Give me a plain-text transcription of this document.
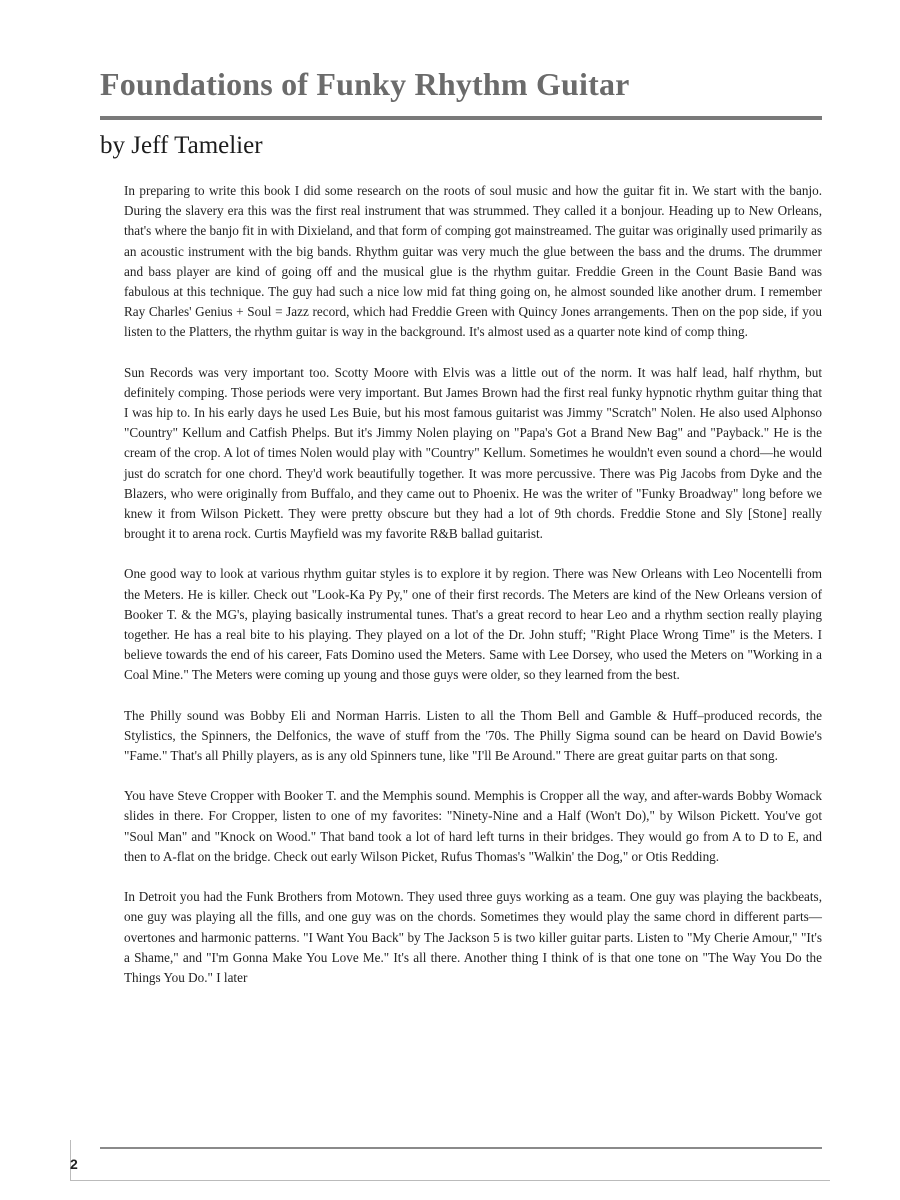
Foundations of Funky Rhythm Guitar
by Jeff Tamelier

In preparing to write this book I did some research on the roots of soul music and how the guitar fit in. We start with the banjo. During the slavery era this was the first real instrument that was strummed. They called it a bonjour. Heading up to New Orleans, that's where the banjo fit in with Dixieland, and that form of comping got mainstreamed. The guitar was originally used primarily as an acoustic instrument with the big bands. Rhythm guitar was very much the glue between the bass and the drums. The drummer and bass player are kind of going off and the musical glue is the rhythm guitar. Freddie Green in the Count Basie Band was fabulous at this technique. The guy had such a nice low mid fat thing going on, he almost sounded like another drum. I remember Ray Charles' Genius + Soul = Jazz record, which had Freddie Green with Quincy Jones arrangements. Then on the pop side, if you listen to the Platters, the rhythm guitar is way in the background. It's almost used as a quarter note kind of comp thing.

Sun Records was very important too. Scotty Moore with Elvis was a little out of the norm. It was half lead, half rhythm, but definitely comping. Those periods were very important. But James Brown had the first real funky hypnotic rhythm guitar thing that I was hip to. In his early days he used Les Buie, but his most famous guitarist was Jimmy "Scratch" Nolen. He also used Alphonso "Country" Kellum and Catfish Phelps. But it's Jimmy Nolen playing on "Papa's Got a Brand New Bag" and "Payback." He is the cream of the crop. A lot of times Nolen would play with "Country" Kellum. Sometimes he wouldn't even sound a chord—he would just do scratch for one chord. They'd work beautifully together. It was more percussive. There was Pig Jacobs from Dyke and the Blazers, who were originally from Buffalo, and they came out to Phoenix. He was the writer of "Funky Broadway" long before we knew it from Wilson Pickett. They were pretty obscure but they had a lot of 9th chords. Freddie Stone and Sly [Stone] really brought it to arena rock. Curtis Mayfield was my favorite R&B ballad guitarist.

One good way to look at various rhythm guitar styles is to explore it by region. There was New Orleans with Leo Nocentelli from the Meters. He is killer. Check out "Look-Ka Py Py," one of their first records. The Meters are kind of the New Orleans version of Booker T. & the MG's, playing basically instrumental tunes. That's a great record to hear Leo and a rhythm section really playing together. He has a real bite to his playing. They played on a lot of the Dr. John stuff; "Right Place Wrong Time" is the Meters. I believe towards the end of his career, Fats Domino used the Meters. Same with Lee Dorsey, who used the Meters on "Working in a Coal Mine." The Meters were coming up young and those guys were older, so they learned from the best.

The Philly sound was Bobby Eli and Norman Harris. Listen to all the Thom Bell and Gamble & Huff–produced records, the Stylistics, the Spinners, the Delfonics, the wave of stuff from the '70s. The Philly Sigma sound can be heard on David Bowie's "Fame." That's all Philly players, as is any old Spinners tune, like "I'll Be Around." There are great guitar parts on that song.

You have Steve Cropper with Booker T. and the Memphis sound. Memphis is Cropper all the way, and after-wards Bobby Womack slides in there. For Cropper, listen to one of my favorites: "Ninety-Nine and a Half (Won't Do)," by Wilson Pickett. You've got "Soul Man" and "Knock on Wood." That band took a lot of hard left turns in their bridges. They would go from A to D to E, and then to A-flat on the bridge. Check out early Wilson Picket, Rufus Thomas's "Walkin' the Dog," or Otis Redding.

In Detroit you had the Funk Brothers from Motown. They used three guys working as a team. One guy was playing the backbeats, one guy was playing all the fills, and one guy was on the chords. Sometimes they would play the same chord in different parts—overtones and harmonic patterns. "I Want You Back" by The Jackson 5 is two killer guitar parts. Listen to "My Cherie Amour," "It's a Shame," and "I'm Gonna Make You Love Me." It's all there. Another thing I think of is that one tone on "The Way You Do the Things You Do." I later

2
